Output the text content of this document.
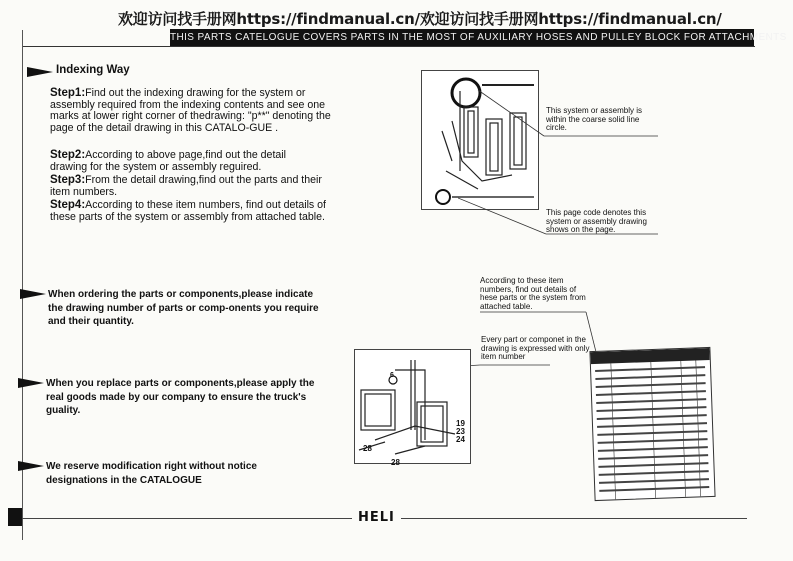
欢迎访问找手册网https://findmanual.cn/欢迎访问找手册网https://findmanual.cn/
THIS PARTS CATELOGUE COVERS PARTS IN THE MOST OF AUXILIARY HOSES AND PULLEY BLOCK FOR ATTACHMENTS
Indexing Way
Step1:Find out the indexing drawing for the system or assembly required from the indexing contents and see one marks at lower right corner of thedrawing: "p**" denoting the page of the detail drawing in this CATALO-GUE .
Step2:According to above page,find out the detail drawing for the system or assembly reguired.
Step3:From the detail drawing,find out the parts and their item numbers.
Step4:According to these item numbers, find out details of these parts of the system or assembly from attached table.
When ordering the parts or components,please indicate the drawing number of parts or comp-onents you require and their quantity.
When you replace parts or components,please apply the real goods made by our company to ensure the truck's guality.
We reserve modification right without notice designations in the CATALOGUE
This system or assembly is within the coarse solid line circle.
This page code denotes this system or assembly drawing shows on the page.
According to these item numbers, find out details of hese parts or the system from attached table.
Every part or componet in the drawing is expressed with only item number
6
19
23
24
28
28
HELI
